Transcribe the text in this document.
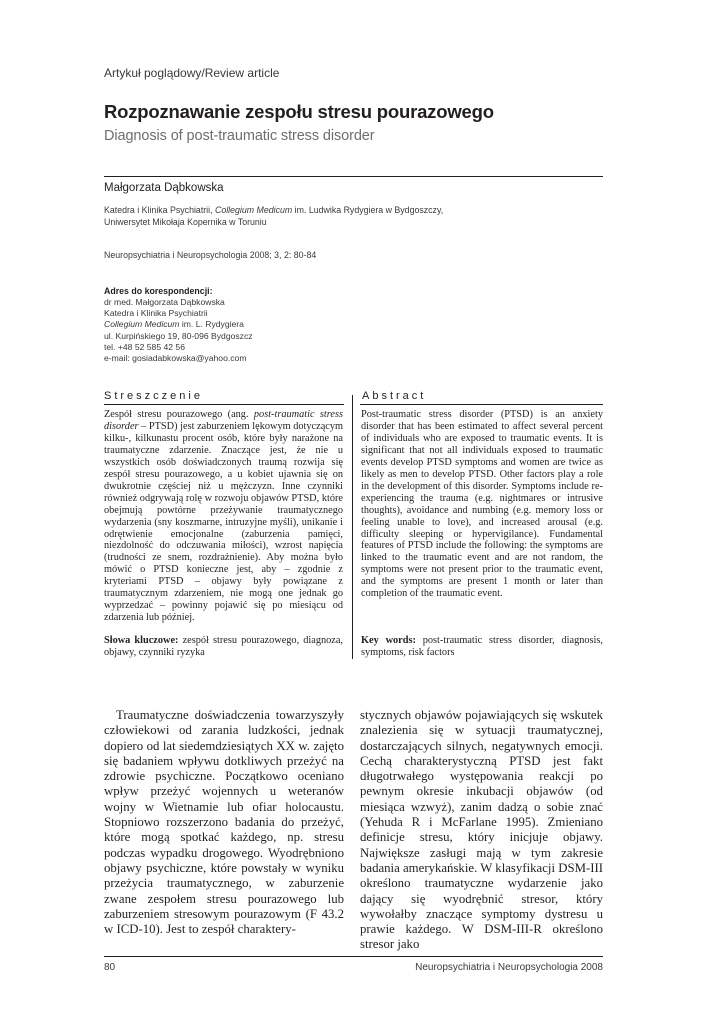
Artykuł poglądowy/Review article
Rozpoznawanie zespołu stresu pourazowego
Diagnosis of post-traumatic stress disorder
Małgorzata Dąbkowska
Katedra i Klinika Psychiatrii, Collegium Medicum im. Ludwika Rydygiera w Bydgoszczy,
Uniwersytet Mikołaja Kopernika w Toruniu
Neuropsychiatria i Neuropsychologia 2008; 3, 2: 80-84
Adres do korespondencji:
dr med. Małgorzata Dąbkowska
Katedra i Klinika Psychiatrii
Collegium Medicum im. L. Rydygiera
ul. Kurpińskiego 19, 80-096 Bydgoszcz
tel. +48 52 585 42 56
e-mail: gosiadabkowska@yahoo.com
Streszczenie	Abstract
Zespół stresu pourazowego (ang. post-traumatic stress disorder – PTSD) jest zaburzeniem lękowym dotyczącym kilku-, kilkunastu procent osób, które były narażone na traumatyczne zdarzenie. Znaczące jest, że nie u wszystkich osób doświadczonych traumą rozwija się zespół stresu pourazowego, a u kobiet ujawnia się on dwukrotnie częściej niż u mężczyzn. Inne czynniki również odgrywają rolę w rozwoju objawów PTSD, które obejmują powtórne przeżywanie traumatycznego wydarzenia (sny koszmarne, intruzyjne myśli), unikanie i odrętwienie emocjonalne (zaburzenia pamięci, niezdolność do odczuwania miłości), wzrost napięcia (trudności ze snem, rozdrażnienie). Aby można było mówić o PTSD konieczne jest, aby – zgodnie z kryteriami PTSD – objawy były powiązane z traumatycznym zdarzeniem, nie mogą one jednak go wyprzedzać – powinny pojawić się po miesiącu od zdarzenia lub później.
Post-traumatic stress disorder (PTSD) is an anxiety disorder that has been estimated to affect several percent of individuals who are exposed to traumatic events. It is significant that not all individuals exposed to traumatic events develop PTSD symptoms and women are twice as likely as men to develop PTSD. Other factors play a role in the development of this disorder. Symptoms include re-experiencing the trauma (e.g. nightmares or intrusive thoughts), avoidance and numbing (e.g. memory loss or feeling unable to love), and increased arousal (e.g. difficulty sleeping or hypervigilance). Fundamental features of PTSD include the following: the symptoms are linked to the traumatic event and are not random, the symptoms were not present prior to the traumatic event, and the symptoms are present 1 month or later than completion of the traumatic event.
Słowa kluczowe: zespół stresu pourazowego, diagnoza, objawy, czynniki ryzyka
Key words: post-traumatic stress disorder, diagnosis, symptoms, risk factors
Traumatyczne doświadczenia towarzyszyły człowiekowi od zarania ludzkości, jednak dopiero od lat siedemdziesiątych XX w. zajęto się badaniem wpływu dotkliwych przeżyć na zdrowie psychiczne. Początkowo oceniano wpływ przeżyć wojennych u weteranów wojny w Wietnamie lub ofiar holocaustu. Stopniowo rozszerzono badania do przeżyć, które mogą spotkać każdego, np. stresu podczas wypadku drogowego. Wyodrębniono objawy psychiczne, które powstały w wyniku przeżycia traumatycznego, w zaburzenie zwane zespołem stresu pourazowego lub zaburzeniem stresowym pourazowym (F 43.2 w ICD-10). Jest to zespół charaktery-
stycznych objawów pojawiających się wskutek znalezienia się w sytuacji traumatycznej, dostarczających silnych, negatywnych emocji. Cechą charakterystyczną PTSD jest fakt długotrwałego występowania reakcji po pewnym okresie inkubacji objawów (od miesiąca wzwyż), zanim dadzą o sobie znać (Yehuda R i McFarlane 1995). Zmieniano definicje stresu, który inicjuje objawy. Największe zasługi mają w tym zakresie badania amerykańskie. W klasyfikacji DSM-III określono traumatyczne wydarzenie jako dający się wyodrębnić stresor, który wywołałby znaczące symptomy dystresu u prawie każdego. W DSM-III-R określono stresor jako
80	Neuropsychiatria i Neuropsychologia 2008
